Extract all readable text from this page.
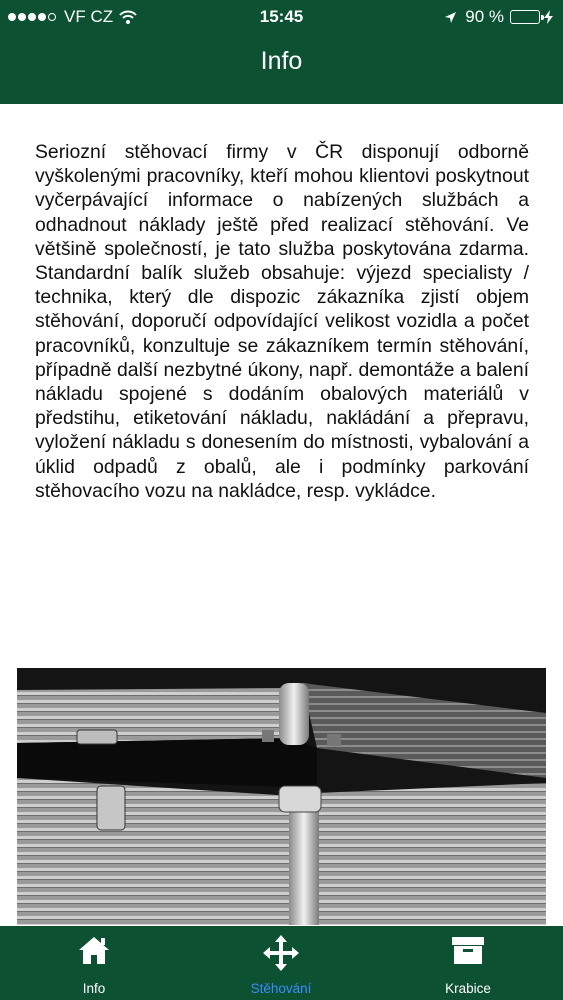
VF CZ	15:45	90 %
Info
Seriozní stěhovací firmy v ČR disponují odborně vyškolenými pracovníky, kteří mohou klientovi poskytnout vyčerpávající informace o nabízených službách a odhadnout náklady ještě před realizací stěhování. Ve většině společností, je tato služba poskytována zdarma. Standardní balík služeb obsahuje: výjezd specialisty / technika, který dle dispozic zákazníka zjistí objem stěhování, doporučí odpovídající velikost vozidla a počet pracovníků, konzultuje se zákazníkem termín stěhování, případně další nezbytné úkony, např. demontáže a balení nákladu spojené s dodáním obalových materiálů v předstihu, etiketování nákladu, nakládání a přepravu, vyložení nákladu s donesením do místnosti, vybalování a úklid odpadů z obalů, ale i podmínky parkování stěhovacího vozu na nakládce, resp. vykládce.
Info	Stěhování	Krabice
